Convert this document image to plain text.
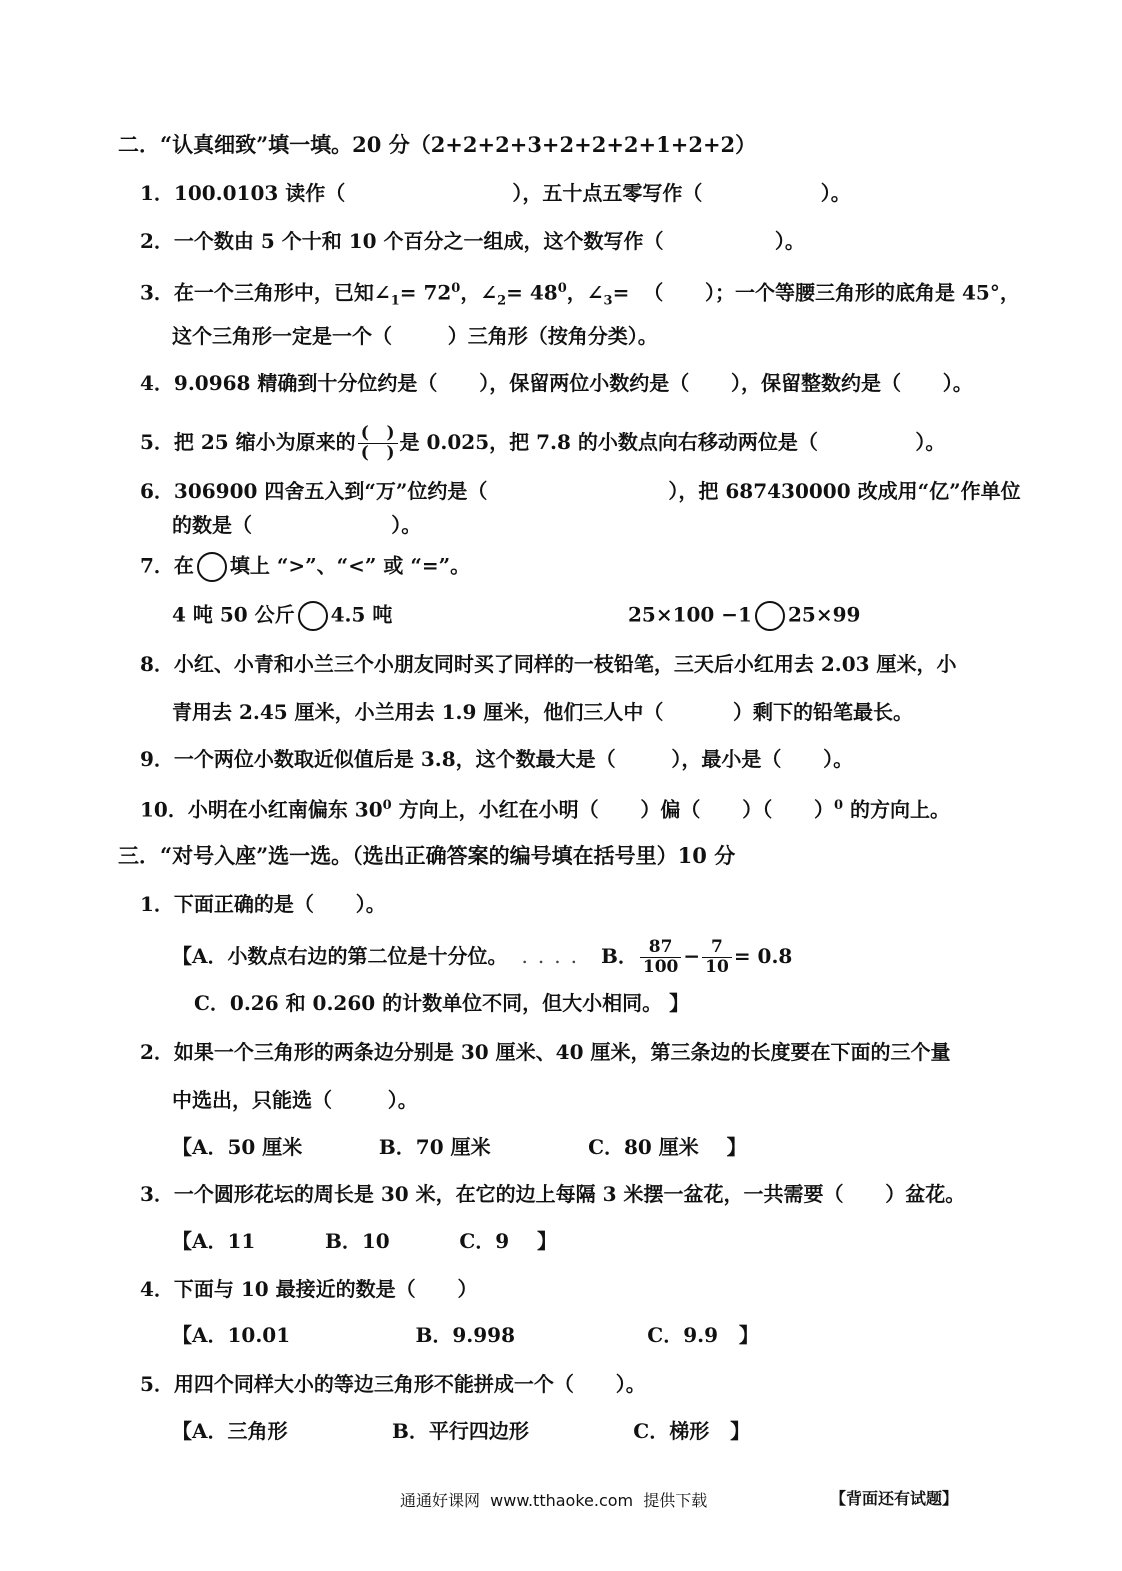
二．“认真细致”填一填。20 分（2+2+2+3+2+2+2+1+2+2）
1．100.0103 读作（                        ），五十点五零写作（                 ）。
2．一个数由 5 个十和 10 个百分之一组成，这个数写作（                ）。
3．在一个三角形中，已知$\angle_1= 72^0$，$\angle_2= 48^0$，$\angle_3=$  （      ）；一个等腰三角形的底角是 45°，
这个三角形一定是一个（        ）三角形（按角分类）。
4．9.0968 精确到十分位约是（      ），保留两位小数约是（      ），保留整数约是（      ）。
5．把 25 缩小为原来的 $\frac{( )}{( )}$ 是 0.025，把 7.8 的小数点向右移动两位是（              ）。
6．306900 四舍五入到“万”位约是（                          ），把 687430000 改成用“亿”作单位
的数是（                    ）。
7．在 填上 “>”、“<” 或 “=”。
4 吨 50 公斤 4.5 吨	25×100 −1 25×99
8．小红、小青和小兰三个小朋友同时买了同样的一枝铅笔，三天后小红用去 2.03 厘米，小
青用去 2.45 厘米，小兰用去 1.9 厘米，他们三人中（          ）剩下的铅笔最长。
9．一个两位小数取近似值后是 3.8，这个数最大是（        ），最小是（      ）。
10．小明在小红南偏东 $30^0$ 方向上，小红在小明（      ）偏（      ）（      ）$^0$ 的方向上。
三．“对号入座”选一选。（选出正确答案的编号填在括号里）10 分
1．下面正确的是（      ）。
【A．小数点右边的第二位是十分位。 .... B． $\frac{87}{100} - \frac{7}{10} = 0.8$
C．0.26 和 0.260 的计数单位不同，但大小相同。 】
2．如果一个三角形的两条边分别是 30 厘米、40 厘米，第三条边的长度要在下面的三个量
中选出，只能选（        ）。
【A．50 厘米           B．70 厘米              C．80 厘米    】
3．一个圆形花坛的周长是 30 米，在它的边上每隔 3 米摆一盆花，一共需要（      ）盆花。
【A．11          B．10          C．9    】
4．下面与 10 最接近的数是（      ）
【A．10.01                  B．9.998                   C．9.9   】
5．用四个同样大小的等边三角形不能拼成一个（      ）。
【A．三角形               B．平行四边形               C．梯形   】
通通好课网  www.tthaoke.com  提供下载	【背面还有试题】
